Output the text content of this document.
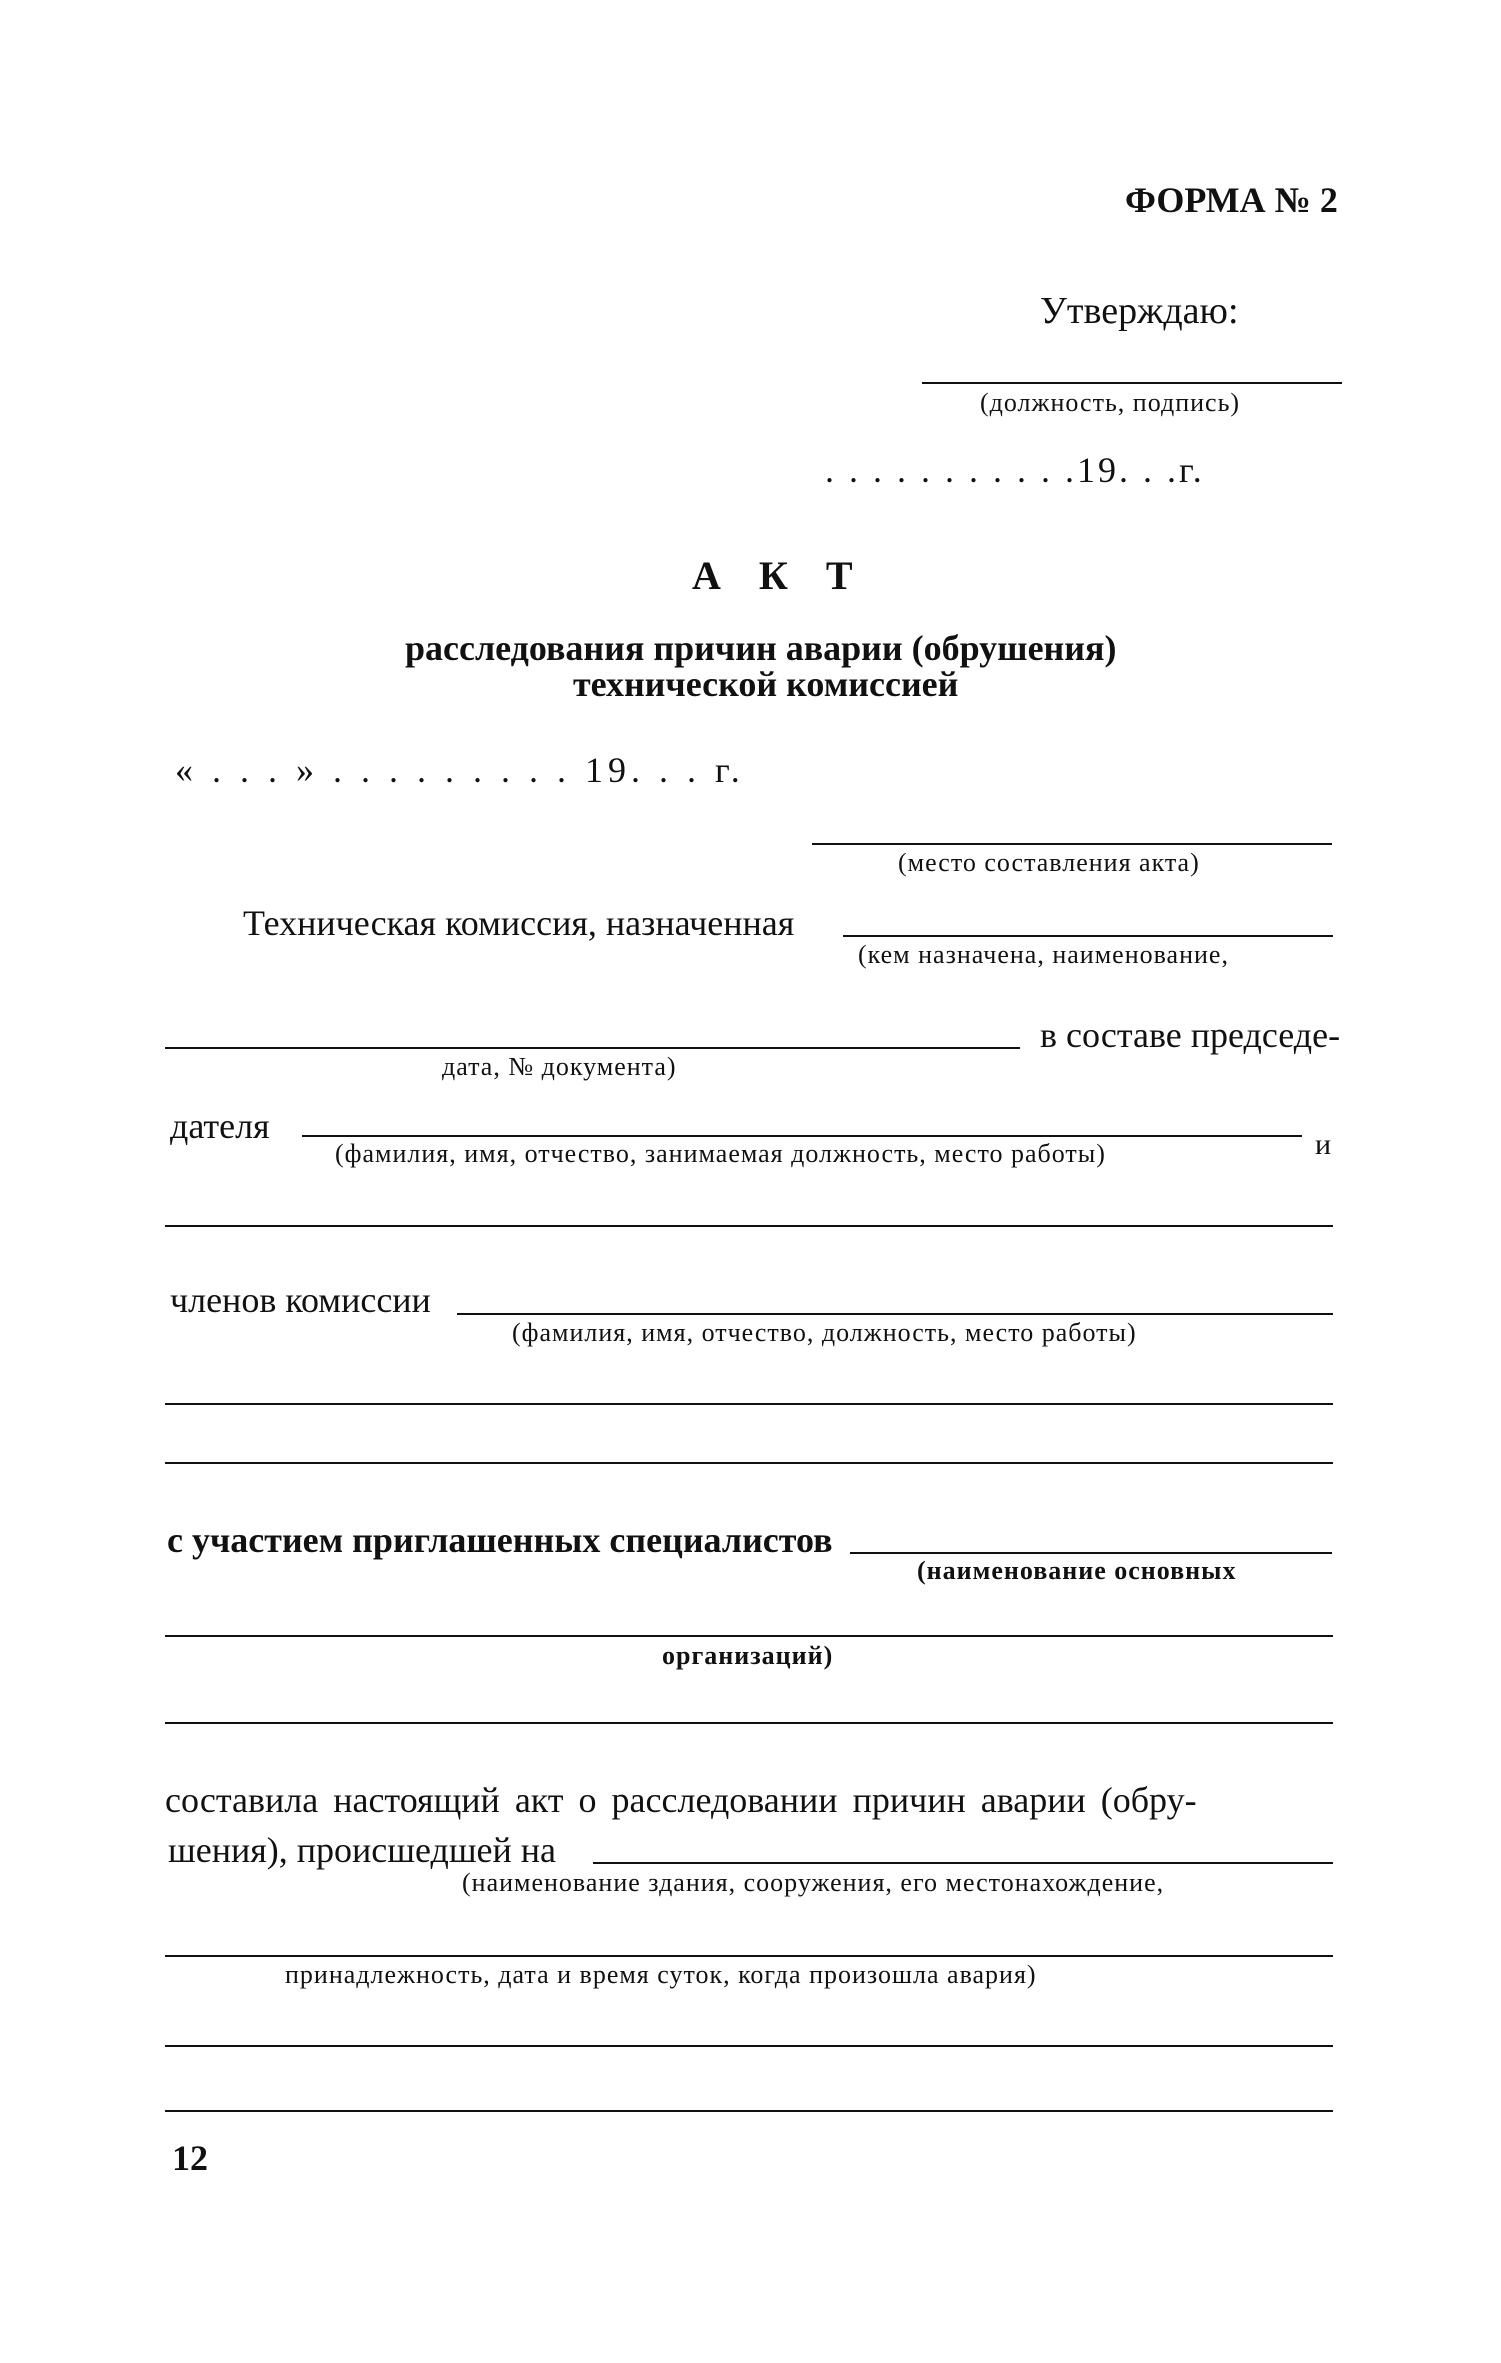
ФОРМА № 2
Утверждаю:
(должность, подпись)
. . . . . . . . . . .19. . .г.
А К Т
расследования причин аварии (обрушения)
технической комиссией
« . . . » . . . . . . . . . 19. . . г.
(место составления акта)
Техническая комиссия, назначенная
(кем назначена, наименование,
в составе председе-
дата, № документа)
дателя
(фамилия, имя, отчество, занимаемая должность, место работы)	и
членов комиссии
(фамилия, имя, отчество, должность, место работы)
с участием приглашенных специалистов
(наименование основных
организаций)
составила настоящий акт о расследовании причин аварии (обру-
шения), происшедшей на
(наименование здания, сооружения, его местонахождение,
принадлежность, дата и время суток, когда произошла авария)
12
